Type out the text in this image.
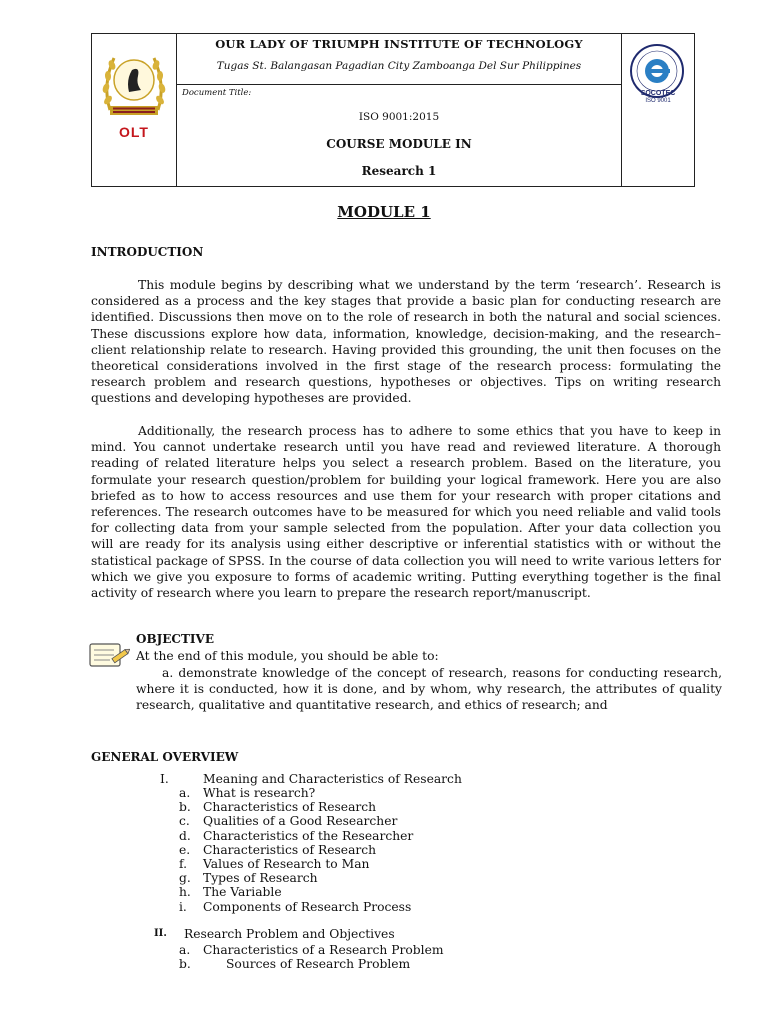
OLT
SOCOTEC
ISO 9001
OUR LADY OF TRIUMPH INSTITUTE OF TECHNOLOGY
Tugas St. Balangasan Pagadian City Zamboanga Del Sur Philippines
Document Title:
ISO 9001:2015
COURSE MODULE IN
Research 1
MODULE 1
INTRODUCTION

This module begins by describing what we understand by the term ‘research’. Research is considered as a process and the key stages that provide a basic plan for conducting research are identified. Discussions then move on to the role of research in both the natural and social sciences. These discussions explore how data, information, knowledge, decision-making, and the research–client relationship relate to research. Having provided this grounding, the unit then focuses on the theoretical considerations involved in the first stage of the research process: formulating the research problem and research questions, hypotheses or objectives. Tips on writing research questions and developing hypotheses are provided.

Additionally, the research process has to adhere to some ethics that you have to keep in mind. You cannot undertake research until you have read and reviewed literature. A thorough reading of related literature helps you select a research problem. Based on the literature, you formulate your research question/problem for building your logical framework. Here you are also briefed as to how to access resources and use them for your research with proper citations and references. The research outcomes have to be measured for which you need reliable and valid tools for collecting data from your sample selected from the population. After your data collection you will are ready for its analysis using either descriptive or inferential statistics with or without the statistical package of SPSS. In the course of data collection you will need to write various letters for which we give you exposure to forms of academic writing. Putting everything together is the final activity of research where you learn to prepare the research report/manuscript.

OBJECTIVE
At the end of this module, you should be able to:

a. demonstrate knowledge of the concept of research, reasons for conducting research, where it is conducted, how it is done, and by whom, why research, the attributes of quality research, qualitative and quantitative research, and ethics of research; and

GENERAL OVERVIEW
I.	Meaning and Characteristics of Research
a. What is research?
b. Characteristics of Research
c. Qualities of a Good Researcher
d. Characteristics of the Researcher
e. Characteristics of Research
f. Values of Research to Man
g. Types of Research
h. The Variable
i. Components of Research Process
II. Research Problem and Objectives
a. Characteristics of a Research Problem
b.	Sources of Research Problem
